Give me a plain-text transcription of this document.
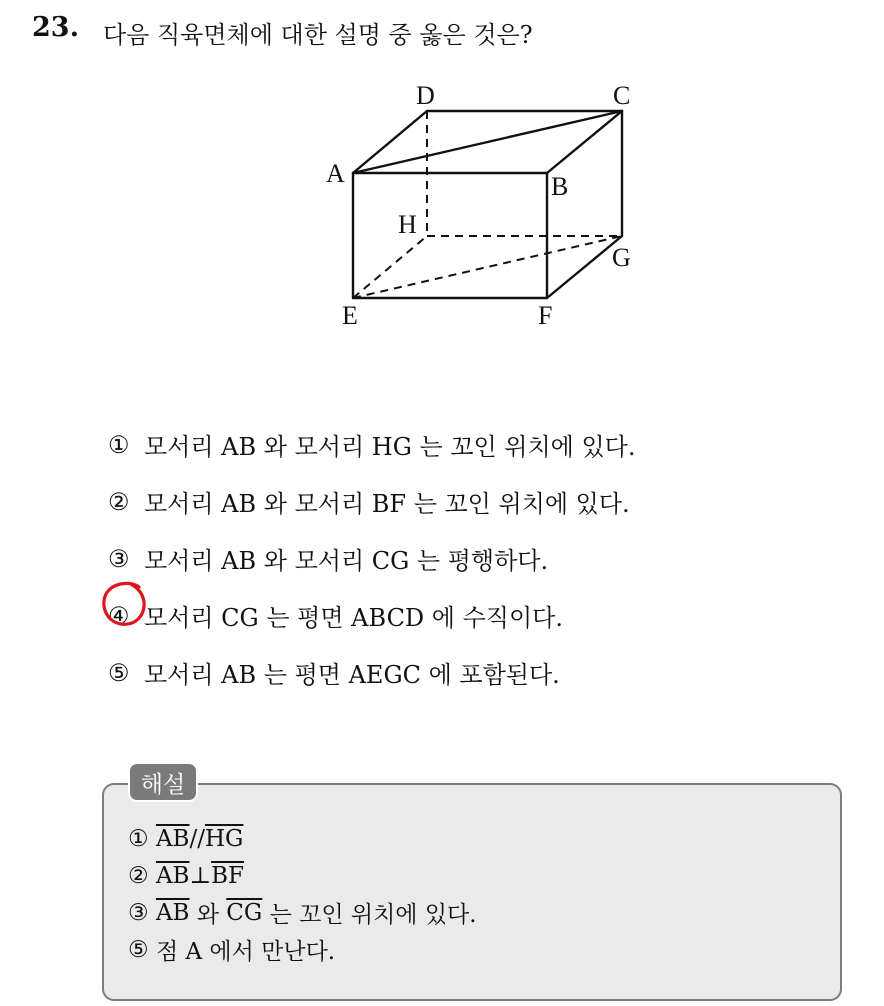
23. 다음 직육면체에 대한 설명 중 옳은 것은?
A	B
C
D
E	F
G
H
① 모서리 AB 와 모서리 HG 는 꼬인 위치에 있다.
② 모서리 AB 와 모서리 BF 는 꼬인 위치에 있다.
③ 모서리 AB 와 모서리 CG 는 평행하다.
④ 모서리 CG 는 평면 ABCD 에 수직이다.
⑤ 모서리 AB 는 평면 AEGC 에 포함된다.
해설
①
$\overline{AB} // \overline{HG}$
②
$\overline{AB}$ ⊥ $\overline{BF}$
③
$\overline{AB}$ 와 $\overline{CG}$ 는 꼬인 위치에 있다.
⑤
점 A 에서 만난다.
